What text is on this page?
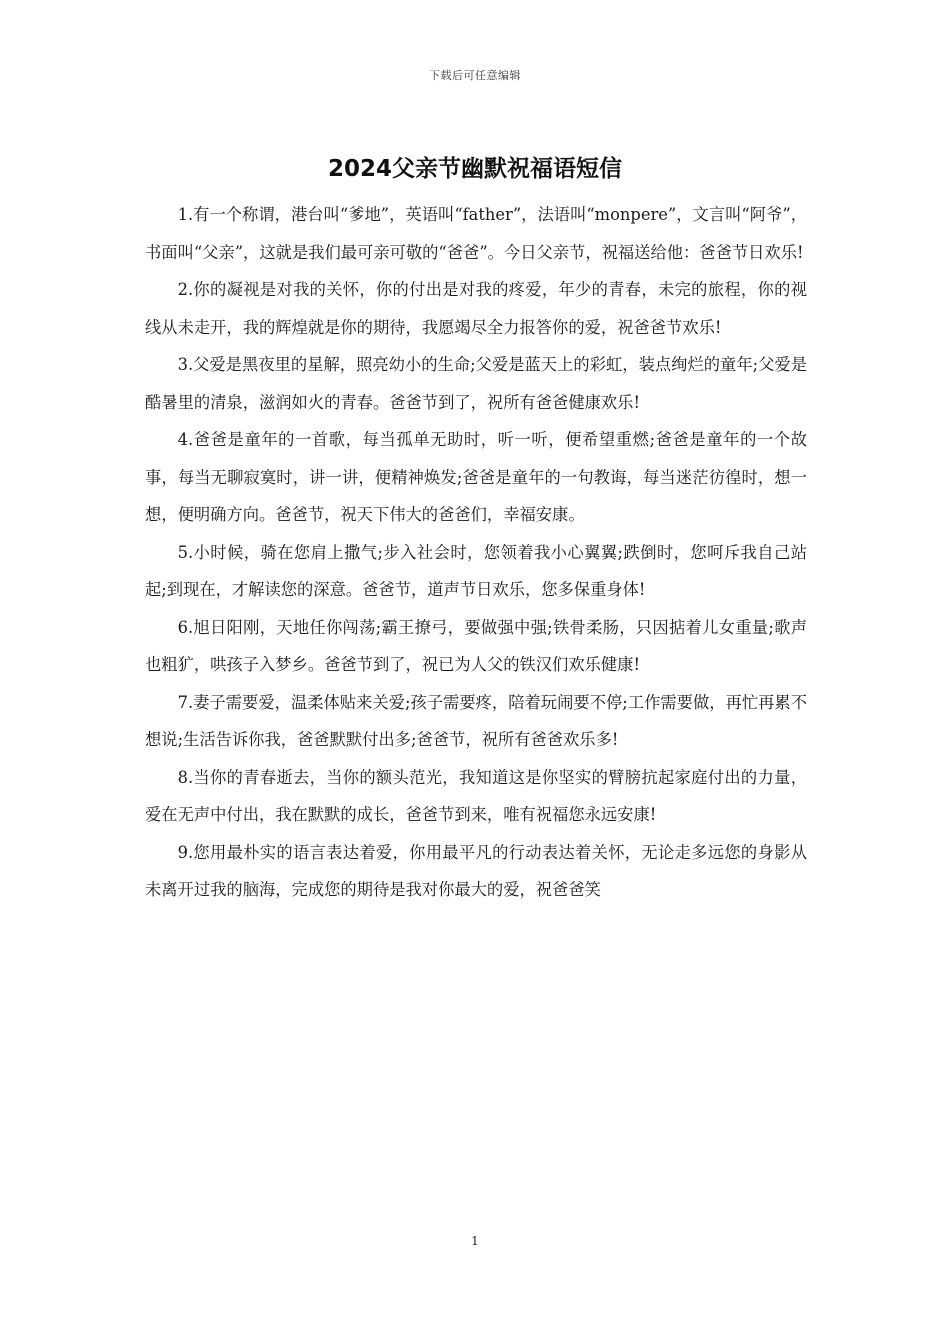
下载后可任意编辑
2024父亲节幽默祝福语短信

1.有一个称谓，港台叫“爹地”，英语叫“father”，法语叫“monpere”，文言叫“阿爷”，书面叫“父亲”，这就是我们最可亲可敬的“爸爸”。今日父亲节，祝福送给他：爸爸节日欢乐!

2.你的凝视是对我的关怀，你的付出是对我的疼爱，年少的青春，未完的旅程，你的视线从未走开，我的辉煌就是你的期待，我愿竭尽全力报答你的爱，祝爸爸节欢乐!

3.父爱是黑夜里的星解，照亮幼小的生命;父爱是蓝天上的彩虹，装点绚烂的童年;父爱是酷暑里的清泉，滋润如火的青春。爸爸节到了，祝所有爸爸健康欢乐!

4.爸爸是童年的一首歌，每当孤单无助时，听一听，便希望重燃;爸爸是童年的一个故事，每当无聊寂寞时，讲一讲，便精神焕发;爸爸是童年的一句教诲，每当迷茫彷徨时，想一想，便明确方向。爸爸节，祝天下伟大的爸爸们，幸福安康。

5.小时候，骑在您肩上撒气;步入社会时，您领着我小心翼翼;跌倒时，您呵斥我自己站起;到现在，才解读您的深意。爸爸节，道声节日欢乐，您多保重身体!

6.旭日阳刚，天地任你闯荡;霸王撩弓，要做强中强;铁骨柔肠，只因掂着儿女重量;歌声也粗犷，哄孩子入梦乡。爸爸节到了，祝已为人父的铁汉们欢乐健康!

7.妻子需要爱，温柔体贴来关爱;孩子需要疼，陪着玩闹要不停;工作需要做，再忙再累不想说;生活告诉你我，爸爸默默付出多;爸爸节，祝所有爸爸欢乐多!

8.当你的青春逝去，当你的额头范光，我知道这是你坚实的臂膀抗起家庭付出的力量，爱在无声中付出，我在默默的成长，爸爸节到来，唯有祝福您永远安康!

9.您用最朴实的语言表达着爱，你用最平凡的行动表达着关怀，无论走多远您的身影从未离开过我的脑海，完成您的期待是我对你最大的爱，祝爸爸笑

1
